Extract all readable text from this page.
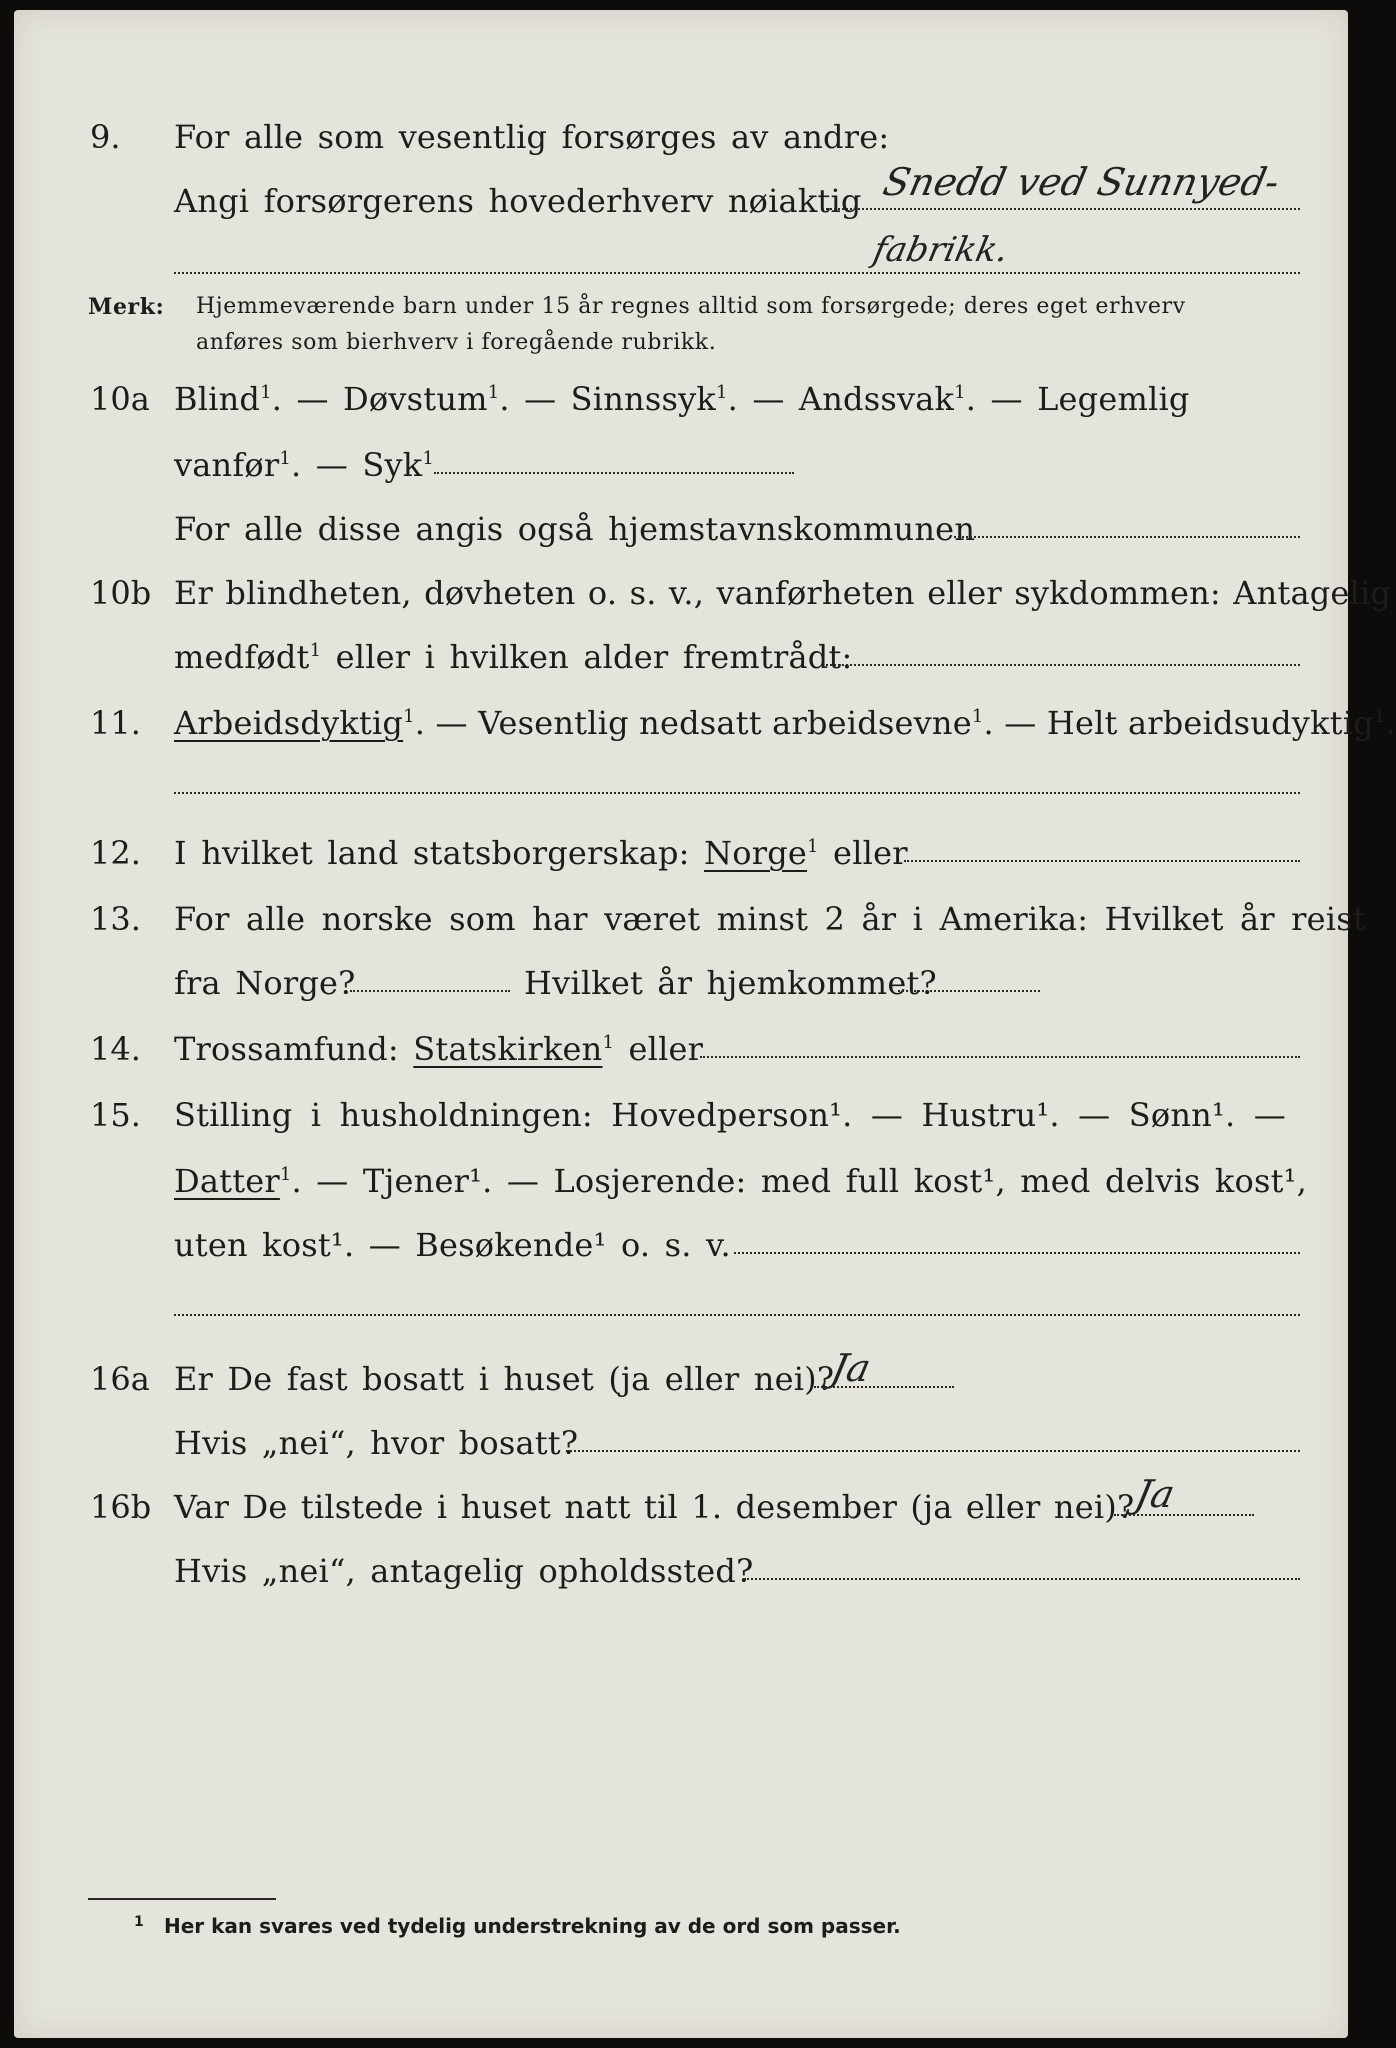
9. For alle som vesentlig forsørges av andre:
Angi forsørgerens hovederhverv nøiaktig Snedd ved Sunnyed-
fabrikk.
Merk: Hjemmeværende barn under 15 år regnes alltid som forsørgede; deres eget erhverv
anføres som bierhverv i foregående rubrikk.
10a Blind$^1$. — Døvstum$^1$. — Sinnssyk$^1$. — Andssvak$^1$. — Legemlig
vanfør$^1$. — Syk$^1$
For alle disse angis også hjemstavnskommunen
10b Er blindheten, døvheten o. s. v., vanførheten eller sykdommen: Antagelig
medfødt$^1$ eller i hvilken alder fremtrådt:
11. Arbeidsdyktig$^1$. — Vesentlig nedsatt arbeidsevne$^1$. — Helt arbeidsudyktig$^1$.
12. I hvilket land statsborgerskap: Norge$^1$ eller
13. For alle norske som har været minst 2 år i Amerika: Hvilket år reist
fra Norge?	Hvilket år hjemkommet?
14. Trossamfund: Statskirken$^1$ eller
15. Stilling i husholdningen: Hovedperson¹. — Hustru¹. — Sønn¹. —
Datter$^1$. — Tjener¹. — Losjerende: med full kost¹, med delvis kost¹,
uten kost¹. — Besøkende¹ o. s. v.
16a Er De fast bosatt i huset (ja eller nei)?
Ja
Hvis „nei“, hvor bosatt?
16b Var De tilstede i huset natt til 1. desember (ja eller nei)?
Ja
Hvis „nei“, antagelig opholdssted?
1 Her kan svares ved tydelig understrekning av de ord som passer.
